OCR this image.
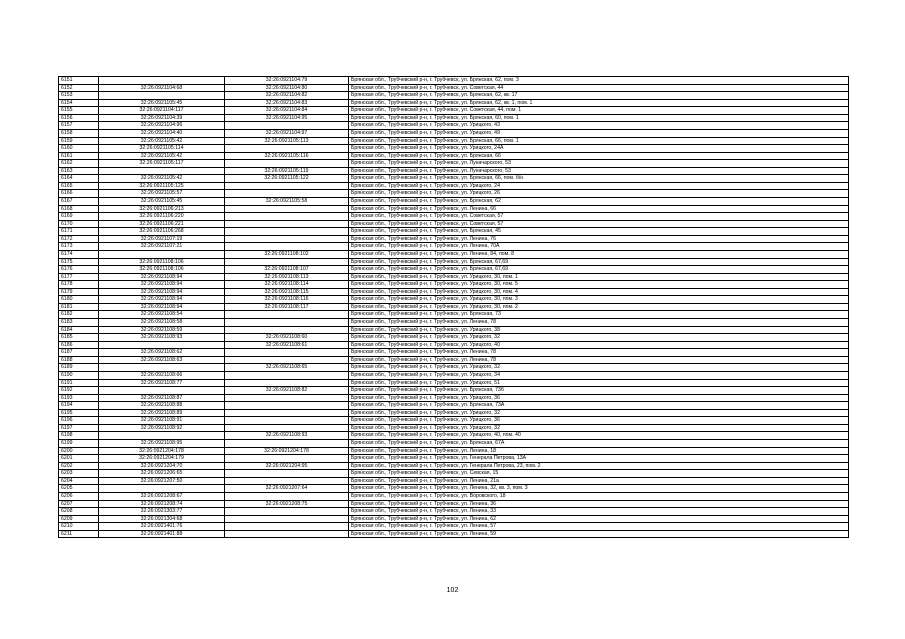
6151		32:26:0921104:79	Брянская обл., Трубчевский р-н, г. Трубчевск, ул. Брянская, 62, пом. 3
6152	32:26:0921104:68	32:26:0921104:80	Брянская обл., Трубчевский р-н, г. Трубчевск, ул. Советская, 44
6153		32:26:0921104:82	Брянская обл., Трубчевский р-н, г. Трубчевск, ул. Брянская, 62, кв. 17
6154	32:26:0921105:45	32:26:0921104:83	Брянская обл., Трубчевский р-н, г. Трубчевск, ул. Брянская, 62, кв. 1, пом. 1
6155	32:26:0921104:117	32:26:0921104:84	Брянская обл., Трубчевский р-н, г. Трубчевск, ул. Советская, 44, пом. 1
6156	32:26:0921104:39	32:26:0921104:95	Брянская обл., Трубчевский р-н, г. Трубчевск, ул. Брянская, 60, пом. 1
6157	32:26:0921104:96		Брянская обл., Трубчевский р-н, г. Трубчевск, ул. Урицкого, 43
6158	32:26:0921104:40	32:26:0921104:97	Брянская обл., Трубчевский р-н, г. Трубчевск, ул. Урицкого, 49
6159	32:26:0921105:42	32:26:0921105:113	Брянская обл., Трубчевский р-н, г. Трубчевск, ул. Брянская, 66, пом. 1
6160	32:26:0921105:114		Брянская обл., Трубчевский р-н, г. Трубчевск, ул. Урицкого, 24А
6161	32:26:0921105:42	32:26:0921105:116	Брянская обл., Трубчевский р-н, г. Трубчевск, ул. Брянская, 66
6162	32:26:0921105:117		Брянская обл., Трубчевский р-н, г. Трубчевск, ул. Луначарского, 53
6163		32:26:0921105:119	Брянская обл., Трубчевский р-н, г. Трубчевск, ул. Луначарского, 53
6164	32:26:0921105:42	32:26:0921105:122	Брянская обл., Трубчевский р-н, г. Трубчевск, ул. Брянская, 66, пом. б/н
6165	32:26:0921105:125		Брянская обл., Трубчевский р-н, г. Трубчевск, ул. Урицкого, 24
6166	32:26:0921105:57		Брянская обл., Трубчевский р-н, г. Трубчевск, ул. Урицкого, 26
6167	32:26:0921105:45	32:26:0921105:58	Брянская обл., Трубчевский р-н, г. Трубчевск, ул. Брянская, 62
6168	32:26:0921106:213		Брянская обл., Трубчевский р-н, г. Трубчевск, ул. Ленина, 66
6169	32:26:0921106:220		Брянская обл., Трубчевский р-н, г. Трубчевск, ул. Советская, 57
6170	32:26:0921106:221		Брянская обл., Трубчевский р-н, г. Трубчевск, ул. Советская, 57
6171	32:26:0921106:268		Брянская обл., Трубчевский р-н, г. Трубчевск, ул. Брянская, 45
6172	32:26:0921107:19		Брянская обл., Трубчевский р-н, г. Трубчевск, ул. Ленина, 76
6173	32:26:0921107:21		Брянская обл., Трубчевский р-н, г. Трубчевск, ул. Ленина, 70А
6174		32:26:0921108:102	Брянская обл., Трубчевский р-н, г. Трубчевск, ул. Ленина, 84, пом. 8
6175	32:26:0921108:106		Брянская обл., Трубчевский р-н, г. Трубчевск, ул. Брянская, 67,69
6176	32:26:0921108:106	32:26:0921108:107	Брянская обл., Трубчевский р-н, г. Трубчевск, ул. Брянская, 67,69
6177	32:26:0921108:94	32:26:0921108:113	Брянская обл., Трубчевский р-н, г. Трубчевск, ул. Урицкого, 30, пом. 1
6178	32:26:0921108:94	32:26:0921108:114	Брянская обл., Трубчевский р-н, г. Трубчевск, ул. Урицкого, 30, пом. 5
6179	32:26:0921108:94	32:26:0921108:115	Брянская обл., Трубчевский р-н, г. Трубчевск, ул. Урицкого, 30, пом. 4
6180	32:26:0921108:94	32:26:0921108:116	Брянская обл., Трубчевский р-н, г. Трубчевск, ул. Урицкого, 30, пом. 3
6181	32:26:0921108:94	32:26:0921108:117	Брянская обл., Трубчевский р-н, г. Трубчевск, ул. Урицкого, 30, пом. 2
6182	32:26:0921108:54		Брянская обл., Трубчевский р-н, г. Трубчевск, ул. Брянская, 73
6183	32:26:0921108:58		Брянская обл., Трубчевский р-н, г. Трубчевск, ул. Ленина, 78
6184	32:26:0921108:59		Брянская обл., Трубчевский р-н, г. Трубчевск, ул. Урицкого, 38
6185	32:26:0921108:93	32:26:0921108:60	Брянская обл., Трубчевский р-н, г. Трубчевск, ул. Урицкого, 32
6186		32:26:0921108:61	Брянская обл., Трубчевский р-н, г. Трубчевск, ул. Урицкого, 40
6187	32:26:0921108:62		Брянская обл., Трубчевский р-н, г. Трубчевск, ул. Ленина, 78
6188	32:26:0921108:63		Брянская обл., Трубчевский р-н, г. Трубчевск, ул. Ленина, 78
6189		32:26:0921108:65	Брянская обл., Трубчевский р-н, г. Трубчевск, ул. Урицкого, 32
6190	32:26:0921108:66		Брянская обл., Трубчевский р-н, г. Трубчевск, ул. Урицкого, 34
6191	32:26:0921108:77		Брянская обл., Трубчевский р-н, г. Трубчевск, ул. Урицкого, 51
6192		32:26:0921108:82	Брянская обл., Трубчевский р-н, г. Трубчевск, ул. Брянская, 73б
6193	32:26:0921108:87		Брянская обл., Трубчевский р-н, г. Трубчевск, ул. Урицкого, 36
6194	32:26:0921108:88		Брянская обл., Трубчевский р-н, г. Трубчевск, ул. Брянская, 73А
6195	32:26:0921108:89		Брянская обл., Трубчевский р-н, г. Трубчевск, ул. Урицкого, 32
6196	32:26:0921108:91		Брянская обл., Трубчевский р-н, г. Трубчевск, ул. Урицкого, 36
6197	32:26:0921108:92		Брянская обл., Трубчевский р-н, г. Трубчевск, ул. Урицкого, 32
6198		32:26:0921108:93	Брянская обл., Трубчевский р-н, г. Трубчевск, ул. Урицкого, 40, пом. 40
6199	32:26:0921108:95		Брянская обл., Трубчевский р-н, г. Трубчевск, ул. Брянская, 67А
6200	32:26:0921204:178	32:26:0921204:178	Брянская обл., Трубчевский р-н, г. Трубчевск, ул. Ленина, 18
6201	32:26:0921204:179		Брянская обл., Трубчевский р-н, г. Трубчевск, ул. Генерала Петрова, 13А
6202	32:26:0921204:70	32:26:0921204:95	Брянская обл., Трубчевский р-н, г. Трубчевск, ул. Генерала Петрова, 23, пом. 2
6203	32:26:0921206:65		Брянская обл., Трубчевский р-н, г. Трубчевск, ул. Севская, 15
6204	32:26:0921207:50		Брянская обл., Трубчевский р-н, г. Трубчевск, ул. Ленина, 21а
6205		32:26:0921207:64	Брянская обл., Трубчевский р-н, г. Трубчевск, ул. Ленина, 32, кв. 3, пом. 3
6206	32:26:0921208:67		Брянская обл., Трубчевский р-н, г. Трубчевск, ул. Воровского, 18
6207	32:26:0921208:74	32:26:0921208:75	Брянская обл., Трубчевский р-н, г. Трубчевск, ул. Ленина, 36
6208	32:26:0921303:77		Брянская обл., Трубчевский р-н, г. Трубчевск, ул. Ленина, 33
6209	32:26:0921304:68		Брянская обл., Трубчевский р-н, г. Трубчевск, ул. Ленина, 62
6210	32:26:0921401:76		Брянская обл., Трубчевский р-н, г. Трубчевск, ул. Ленина, 57
6211	32:26:0921401:88		Брянская обл., Трубчевский р-н, г. Трубчевск, ул. Ленина, 59
102
